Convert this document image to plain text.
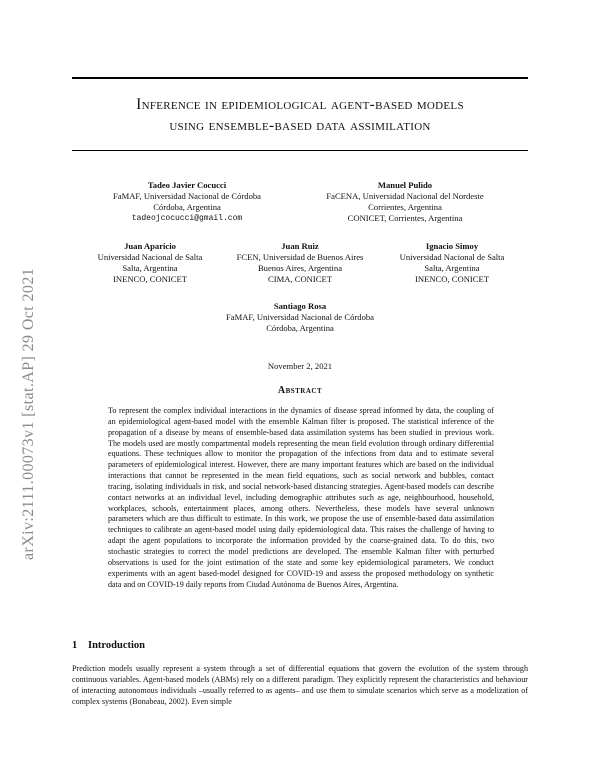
arXiv:2111.00073v1 [stat.AP] 29 Oct 2021
Inference in epidemiological agent-based models
using ensemble-based data assimilation
Tadeo Javier Cocucci
FaMAF, Universidad Nacional de Córdoba
Córdoba, Argentina
tadeojcocucci@gmail.com
Manuel Pulido
FaCENA, Universidad Nacional del Nordeste
Corrientes, Argentina
CONICET, Corrientes, Argentina
Juan Aparicio
Universidad Nacional de Salta
Salta, Argentina
INENCO, CONICET
Juan Ruiz
FCEN, Universidad de Buenos Aires
Buenos Aires, Argentina
CIMA, CONICET
Ignacio Simoy
Universidad Nacional de Salta
Salta, Argentina
INENCO, CONICET
Santiago Rosa
FaMAF, Universidad Nacional de Córdoba
Córdoba, Argentina
November 2, 2021
Abstract
To represent the complex individual interactions in the dynamics of disease spread informed by data, the coupling of an epidemiological agent-based model with the ensemble Kalman filter is proposed. The statistical inference of the propagation of a disease by means of ensemble-based data assimilation systems has been studied in previous work. The models used are mostly compartmental models representing the mean field evolution through ordinary differential equations. These techniques allow to monitor the propagation of the infections from data and to estimate several parameters of epidemiological interest. However, there are many important features which are based on the individual interactions that cannot be represented in the mean field equations, such as social network and bubbles, contact tracing, isolating individuals in risk, and social network-based distancing strategies. Agent-based models can describe contact networks at an individual level, including demographic attributes such as age, neighbourhood, household, workplaces, schools, entertainment places, among others. Nevertheless, these models have several unknown parameters which are thus difficult to estimate. In this work, we propose the use of ensemble-based data assimilation techniques to calibrate an agent-based model using daily epidemiological data. This raises the challenge of having to adapt the agent populations to incorporate the information provided by the coarse-grained data. To do this, two stochastic strategies to correct the model predictions are developed. The ensemble Kalman filter with perturbed observations is used for the joint estimation of the state and some key epidemiological parameters. We conduct experiments with an agent based-model designed for COVID-19 and assess the proposed methodology on synthetic data and on COVID-19 daily reports from Ciudad Autónoma de Buenos Aires, Argentina.
1 Introduction
Prediction models usually represent a system through a set of differential equations that govern the evolution of the system through continuous variables. Agent-based models (ABMs) rely on a different paradigm. They explicitly represent the characteristics and behaviour of interacting autonomous individuals –usually referred to as agents– and use them to simulate scenarios which serve as a modelization of complex systems (Bonabeau, 2002). Even simple
